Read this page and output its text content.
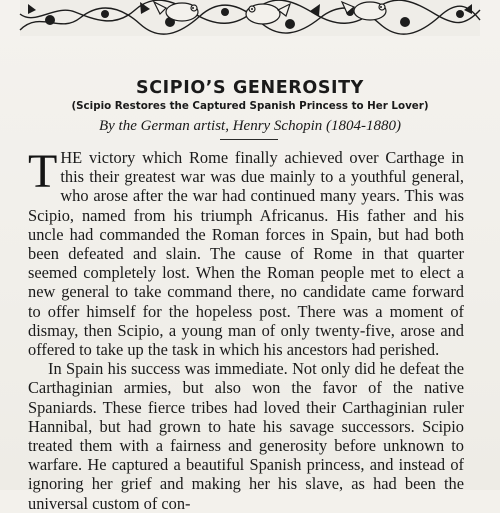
SCIPIO’S GENEROSITY
(Scipio Restores the Captured Spanish Princess to Her Lover)
By the German artist, Henry Schopin (1804-1880)

THE victory which Rome finally achieved over Carthage in this their greatest war was due mainly to a youthful general, who arose after the war had continued many years. This was Scipio, named from his triumph Africanus. His father and his uncle had commanded the Roman forces in Spain, but had both been defeated and slain. The cause of Rome in that quarter seemed completely lost. When the Roman people met to elect a new general to take command there, no candidate came forward to offer himself for the hopeless post. There was a moment of dismay, then Scipio, a young man of only twenty-five, arose and offered to take up the task in which his ancestors had perished.

In Spain his success was immediate. Not only did he defeat the Carthaginian armies, but also won the favor of the native Spaniards. These fierce tribes had loved their Carthaginian ruler Hannibal, but had grown to hate his savage successors. Scipio treated them with a fairness and generosity before unknown to warfare. He captured a beautiful Spanish princess, and instead of ignoring her grief and making her his slave, as had been the universal custom of con-
